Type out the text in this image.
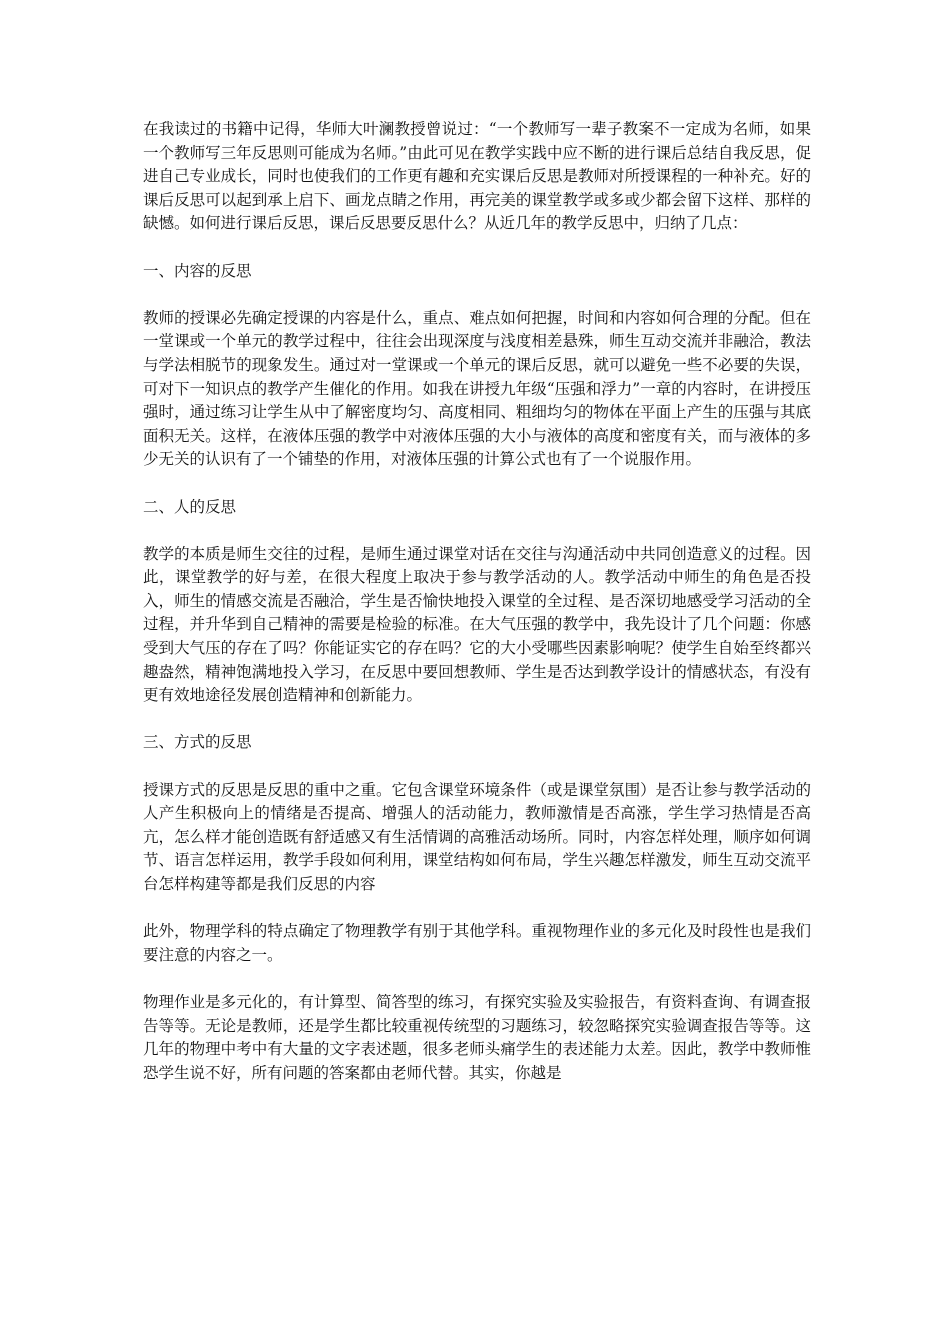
在我读过的书籍中记得，华师大叶澜教授曾说过：“一个教师写一辈子教案不一定成为名师，如果一个教师写三年反思则可能成为名师。”由此可见在教学实践中应不断的进行课后总结自我反思，促进自己专业成长，同时也使我们的工作更有趣和充实课后反思是教师对所授课程的一种补充。好的课后反思可以起到承上启下、画龙点睛之作用，再完美的课堂教学或多或少都会留下这样、那样的缺憾。如何进行课后反思，课后反思要反思什么？从近几年的教学反思中，归纳了几点：

一、内容的反思

教师的授课必先确定授课的内容是什么，重点、难点如何把握，时间和内容如何合理的分配。但在一堂课或一个单元的教学过程中，往往会出现深度与浅度相差悬殊，师生互动交流并非融洽，教法与学法相脱节的现象发生。通过对一堂课或一个单元的课后反思，就可以避免一些不必要的失误，可对下一知识点的教学产生催化的作用。如我在讲授九年级“压强和浮力”一章的内容时，在讲授压强时，通过练习让学生从中了解密度均匀、高度相同、粗细均匀的物体在平面上产生的压强与其底面积无关。这样，在液体压强的教学中对液体压强的大小与液体的高度和密度有关，而与液体的多少无关的认识有了一个铺垫的作用，对液体压强的计算公式也有了一个说服作用。

二、人的反思

教学的本质是师生交往的过程，是师生通过课堂对话在交往与沟通活动中共同创造意义的过程。因此，课堂教学的好与差，在很大程度上取决于参与教学活动的人。教学活动中师生的角色是否投入，师生的情感交流是否融洽，学生是否愉快地投入课堂的全过程、是否深切地感受学习活动的全过程，并升华到自己精神的需要是检验的标准。在大气压强的教学中，我先设计了几个问题：你感受到大气压的存在了吗？你能证实它的存在吗？它的大小受哪些因素影响呢？使学生自始至终都兴趣盎然，精神饱满地投入学习，在反思中要回想教师、学生是否达到教学设计的情感状态，有没有更有效地途径发展创造精神和创新能力。

三、方式的反思

授课方式的反思是反思的重中之重。它包含课堂环境条件（或是课堂氛围）是否让参与教学活动的人产生积极向上的情绪是否提高、增强人的活动能力，教师激情是否高涨，学生学习热情是否高亢，怎么样才能创造既有舒适感又有生活情调的高雅活动场所。同时，内容怎样处理，顺序如何调节、语言怎样运用，教学手段如何利用，课堂结构如何布局，学生兴趣怎样激发，师生互动交流平台怎样构建等都是我们反思的内容

此外，物理学科的特点确定了物理教学有别于其他学科。重视物理作业的多元化及时段性也是我们要注意的内容之一。

物理作业是多元化的，有计算型、简答型的练习，有探究实验及实验报告，有资料查询、有调查报告等等。无论是教师，还是学生都比较重视传统型的习题练习，较忽略探究实验调查报告等等。这几年的物理中考中有大量的文字表述题，很多老师头痛学生的表述能力太差。因此，教学中教师惟恐学生说不好，所有问题的答案都由老师代替。其实，你越是
